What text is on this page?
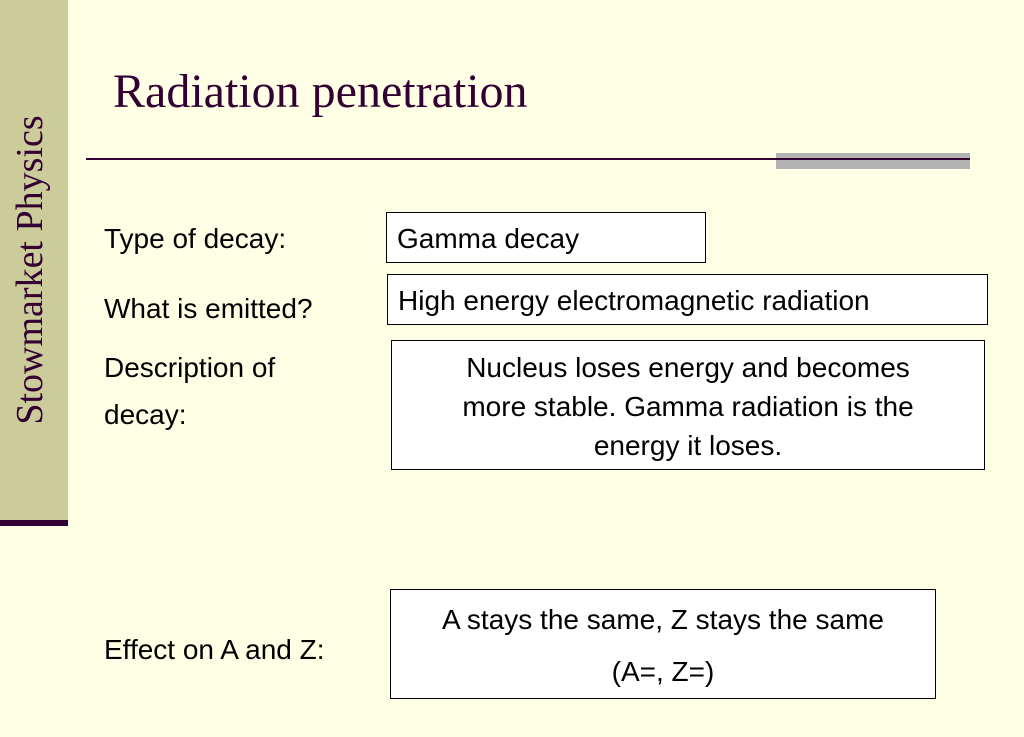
Stowmarket Physics
Radiation penetration
Type of decay:	Gamma decay
What is emitted?	High energy electromagnetic radiation
Description of
decay:
Nucleus loses energy and becomes
more stable. Gamma radiation is the
energy it loses.
Effect on A and Z:
A stays the same, Z stays the same
(A=, Z=)
